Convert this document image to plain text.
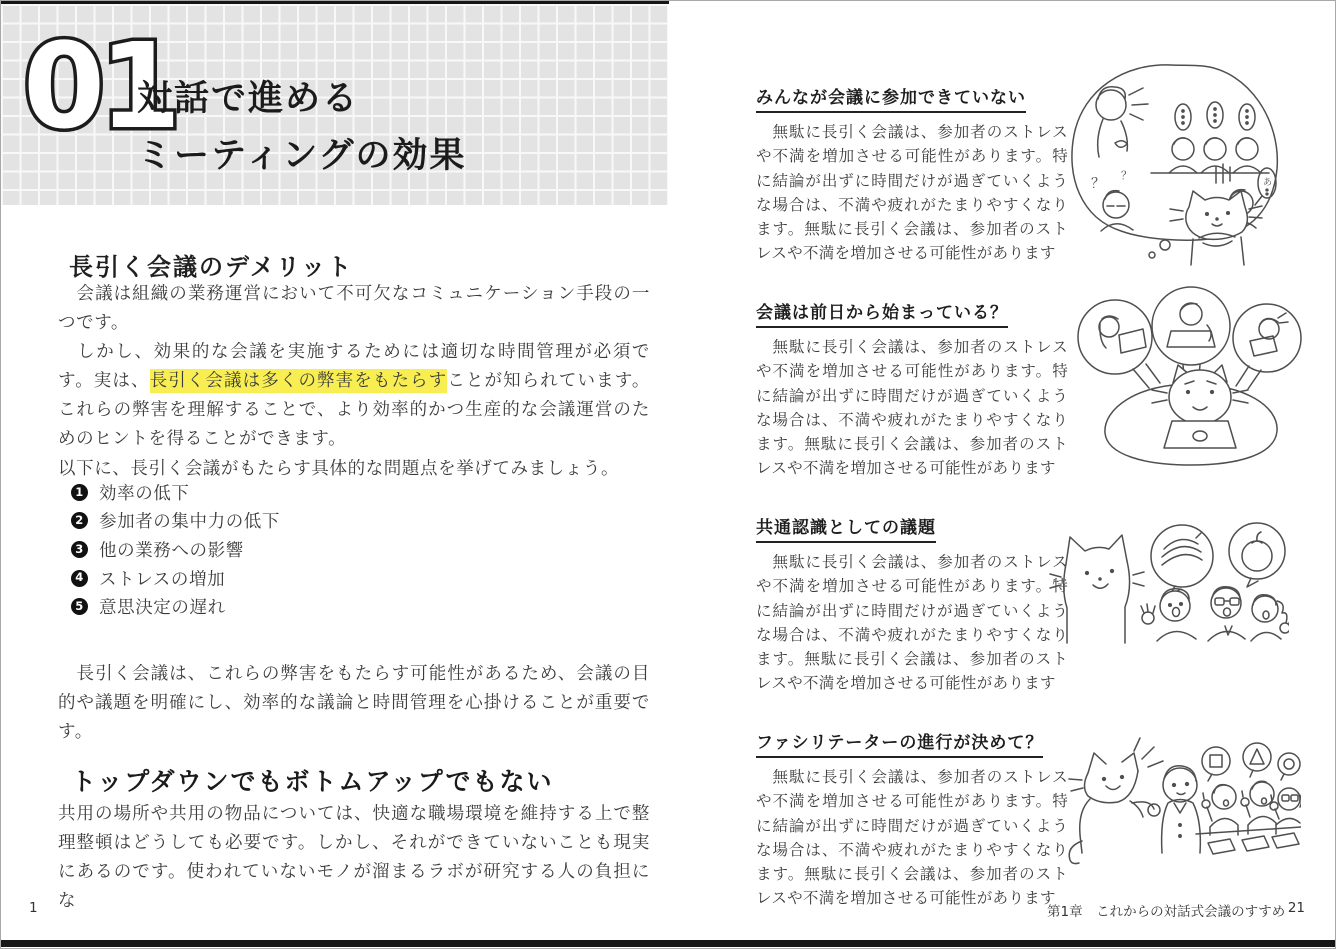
01
対話で進める
ミーティングの効果
長引く会議のデメリット

　会議は組織の業務運営において不可欠なコミュニケーション手段の一つです。

　しかし、効果的な会議を実施するためには適切な時間管理が必須です。実は、長引く会議は多くの弊害をもたらすことが知られています。これらの弊害を理解することで、より効率的かつ生産的な会議運営のためのヒントを得ることができます。

以下に、長引く会議がもたらす具体的な問題点を挙げてみましょう。

1 効率の低下
2 参加者の集中力の低下
3 他の業務への影響
4 ストレスの増加
5 意思決定の遅れ

　長引く会議は、これらの弊害をもたらす可能性があるため、会議の目的や議題を明確にし、効率的な議論と時間管理を心掛けることが重要です。

トップダウンでもボトムアップでもない

共用の場所や共用の物品については、快適な職場環境を維持する上で整理整頓はどうしても必要です。しかし、それができていないことも現実にあるのです。使われていないモノが溜まるラボが研究する人の負担にな

みんなが会議に参加できていない
　無駄に長引く会議は、参加者のストレスや不満を増加させる可能性があります。特に結論が出ずに時間だけが過ぎていくような場合は、不満や疲れがたまりやすくなります。無駄に長引く会議は、参加者のストレスや不満を増加させる可能性があります
会議は前日から始まっている？
　無駄に長引く会議は、参加者のストレスや不満を増加させる可能性があります。特に結論が出ずに時間だけが過ぎていくような場合は、不満や疲れがたまりやすくなります。無駄に長引く会議は、参加者のストレスや不満を増加させる可能性があります
共通認識としての議題
　無駄に長引く会議は、参加者のストレスや不満を増加させる可能性があります。特に結論が出ずに時間だけが過ぎていくような場合は、不満や疲れがたまりやすくなります。無駄に長引く会議は、参加者のストレスや不満を増加させる可能性があります
ファシリテーターの進行が決めて？
　無駄に長引く会議は、参加者のストレスや不満を増加させる可能性があります。特に結論が出ずに時間だけが過ぎていくような場合は、不満や疲れがたまりやすくなります。無駄に長引く会議は、参加者のストレスや不満を増加させる可能性があります
？
？
あ
1	第1章　これからの対話式会議のすすめ 21
